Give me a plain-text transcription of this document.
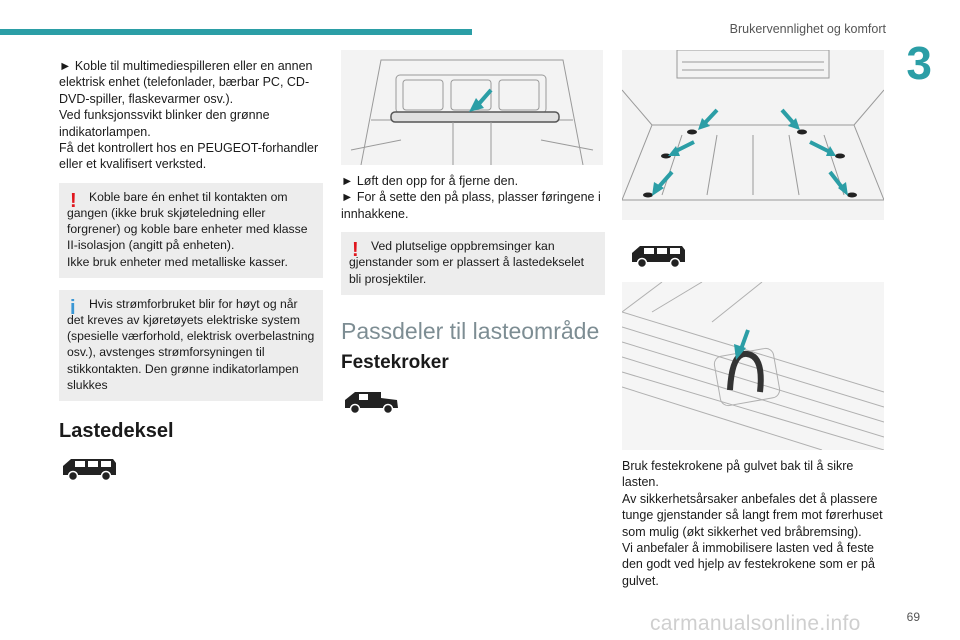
Brukervennlighet og komfort
3

► Koble til multimediespilleren eller en annen elektrisk enhet (telefonlader, bærbar PC, CD-DVD-spiller, flaskevarmer osv.).

Ved funksjonssvikt blinker den grønne indikatorlampen.

Få det kontrollert hos en PEUGEOT-forhandler eller et kvalifisert verksted.

!	Koble bare én enhet til kontakten om gangen (ikke bruk skjøteledning eller forgrener) og koble bare enheter med klasse II-isolasjon (angitt på enheten).

Ikke bruk enheter med metalliske kasser.

i	Hvis strømforbruket blir for høyt og når det kreves av kjøretøyets elektriske system (spesielle værforhold, elektrisk overbelastning osv.), avstenges strømforsyningen til stikkontakten. Den grønne indikatorlampen slukkes

Lastedeksel

► Løft den opp for å fjerne den.

► For å sette den på plass, plasser føringene i innhakkene.

!	Ved plutselige oppbremsinger kan gjenstander som er plassert å lastedekselet bli prosjektiler.

Passdeler til lasteområde
Festekroker

Bruk festekrokene på gulvet bak til å sikre lasten.

Av sikkerhetsårsaker anbefales det å plassere tunge gjenstander så langt frem mot førerhuset som mulig (økt sikkerhet ved bråbremsing).

Vi anbefaler å immobilisere lasten ved å feste den godt ved hjelp av festekrokene som er på gulvet.

carmanualsonline.info	69
